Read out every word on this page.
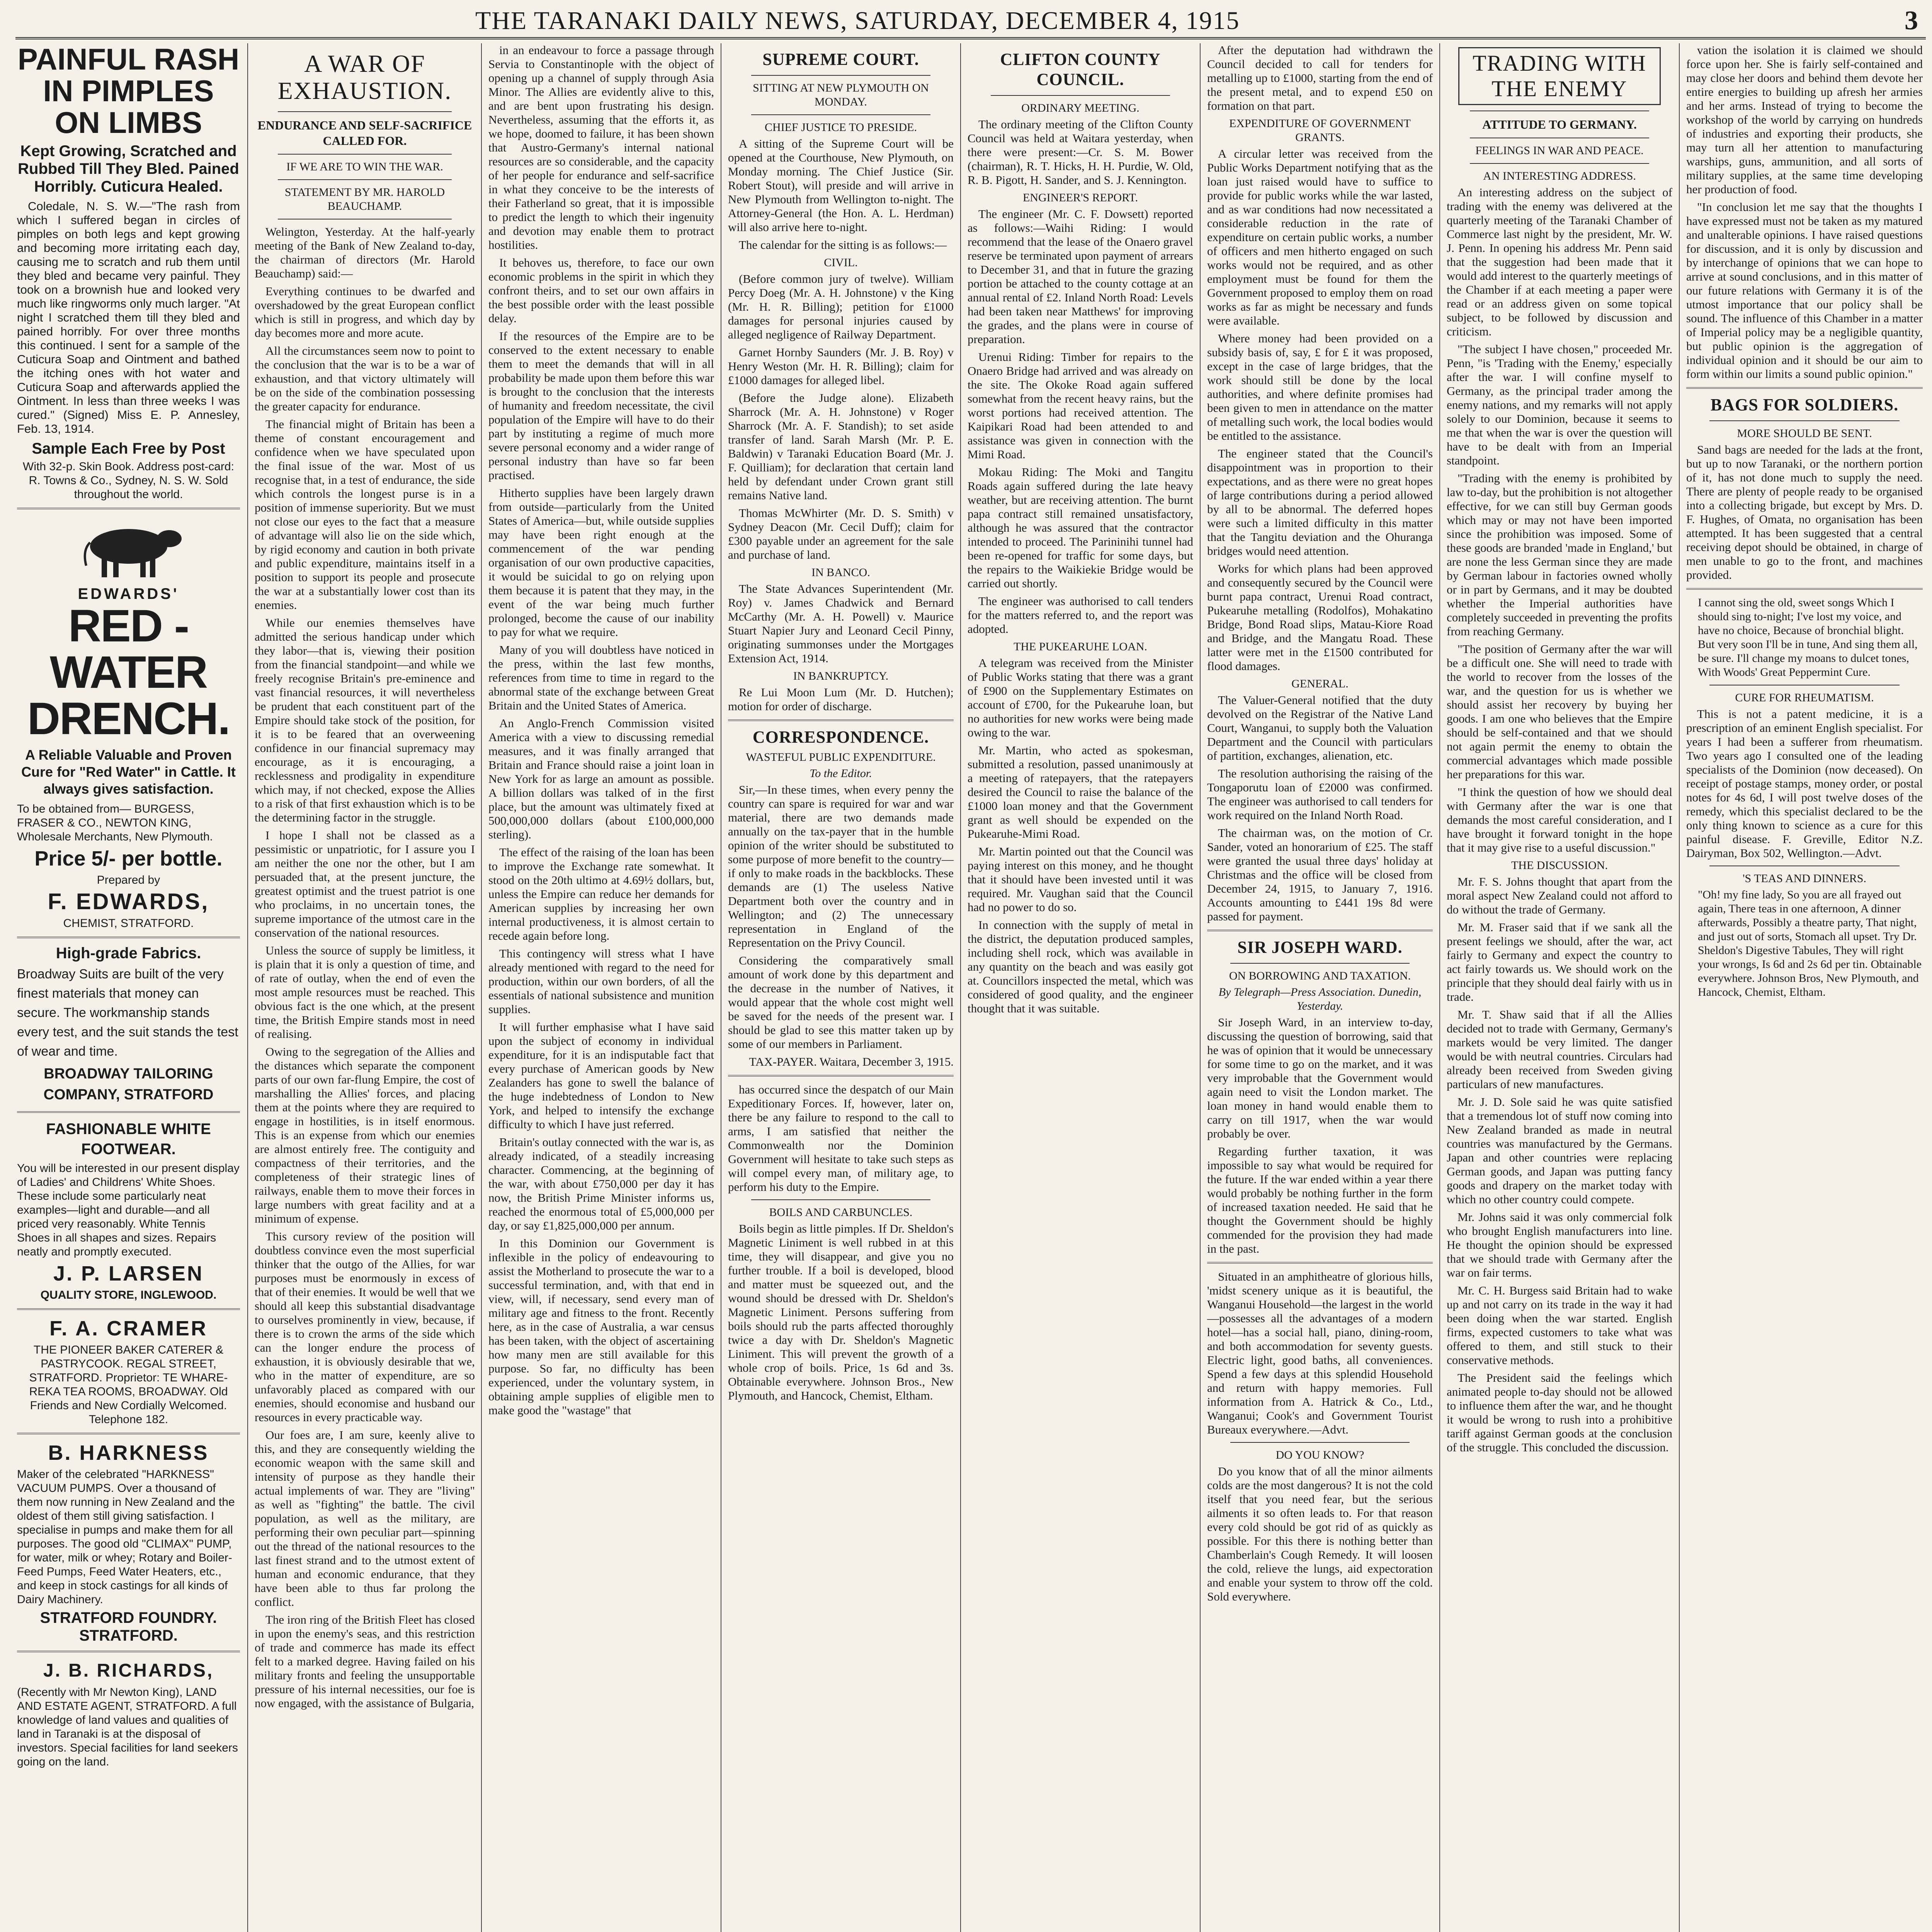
THE TARANAKI DAILY NEWS, SATURDAY, DECEMBER 4, 1915	3
PAINFUL RASH IN PIMPLES ON LIMBS
Kept Growing, Scratched and Rubbed Till They Bled. Pained Horribly. Cuticura Healed.

Coledale, N. S. W.—"The rash from which I suffered began in circles of pimples on both legs and kept growing and becoming more irritating each day, causing me to scratch and rub them until they bled and became very painful. They took on a brownish hue and looked very much like ringworms only much larger. "At night I scratched them till they bled and pained horribly. For over three months this continued. I sent for a sample of the Cuticura Soap and Ointment and bathed the itching ones with hot water and Cuticura Soap and afterwards applied the Ointment. In less than three weeks I was cured." (Signed) Miss E. P. Annesley, Feb. 13, 1914.

Sample Each Free by Post
With 32-p. Skin Book. Address post-card: R. Towns & Co., Sydney, N. S. W. Sold throughout the world.
EDWARDS'
RED - WATER
DRENCH.
A Reliable Valuable and Proven Cure for "Red Water" in Cattle. It always gives satisfaction.
To be obtained from— BURGESS, FRASER & CO., NEWTON KING, Wholesale Merchants, New Plymouth.
Price 5/- per bottle.
Prepared by
F. EDWARDS,
CHEMIST, STRATFORD.
High-grade Fabrics.
Broadway Suits are built of the very finest materials that money can secure. The workmanship stands every test, and the suit stands the test of wear and time.
BROADWAY TAILORING COMPANY, STRATFORD
FASHIONABLE WHITE FOOTWEAR.
You will be interested in our present display of Ladies' and Childrens' White Shoes. These include some particularly neat examples—light and durable—and all priced very reasonably. White Tennis Shoes in all shapes and sizes. Repairs neatly and promptly executed.
J. P. LARSEN
QUALITY STORE, INGLEWOOD.
F. A. CRAMER
THE PIONEER BAKER CATERER & PASTRYCOOK. REGAL STREET, STRATFORD. Proprietor: TE WHARE-REKA TEA ROOMS, BROADWAY. Old Friends and New Cordially Welcomed. Telephone 182.
B. HARKNESS
Maker of the celebrated "HARKNESS" VACUUM PUMPS. Over a thousand of them now running in New Zealand and the oldest of them still giving satisfaction. I specialise in pumps and make them for all purposes. The good old "CLIMAX" PUMP, for water, milk or whey; Rotary and Boiler-Feed Pumps, Feed Water Heaters, etc., and keep in stock castings for all kinds of Dairy Machinery.
STRATFORD FOUNDRY. STRATFORD.
J. B. RICHARDS,
(Recently with Mr Newton King), LAND AND ESTATE AGENT, STRATFORD. A full knowledge of land values and qualities of land in Taranaki is at the disposal of investors. Special facilities for land seekers going on the land.
A WAR OF EXHAUSTION.
ENDURANCE AND SELF-SACRIFICE CALLED FOR.
IF WE ARE TO WIN THE WAR.
STATEMENT BY MR. HAROLD BEAUCHAMP.

Welington, Yesterday. At the half-yearly meeting of the Bank of New Zealand to-day, the chairman of directors (Mr. Harold Beauchamp) said:—

Everything continues to be dwarfed and overshadowed by the great European conflict which is still in progress, and which day by day becomes more and more acute.

All the circumstances seem now to point to the conclusion that the war is to be a war of exhaustion, and that victory ultimately will be on the side of the combination possessing the greater capacity for endurance.

The financial might of Britain has been a theme of constant encouragement and confidence when we have speculated upon the final issue of the war. Most of us recognise that, in a test of endurance, the side which controls the longest purse is in a position of immense superiority. But we must not close our eyes to the fact that a measure of advantage will also lie on the side which, by rigid economy and caution in both private and public expenditure, maintains itself in a position to support its people and prosecute the war at a substantially lower cost than its enemies.

While our enemies themselves have admitted the serious handicap under which they labor—that is, viewing their position from the financial standpoint—and while we freely recognise Britain's pre-eminence and vast financial resources, it will nevertheless be prudent that each constituent part of the Empire should take stock of the position, for it is to be feared that an overweening confidence in our financial supremacy may encourage, as it is encouraging, a recklessness and prodigality in expenditure which may, if not checked, expose the Allies to a risk of that first exhaustion which is to be the determining factor in the struggle.

I hope I shall not be classed as a pessimistic or unpatriotic, for I assure you I am neither the one nor the other, but I am persuaded that, at the present juncture, the greatest optimist and the truest patriot is one who proclaims, in no uncertain tones, the supreme importance of the utmost care in the conservation of the national resources.

Unless the source of supply be limitless, it is plain that it is only a question of time, and of rate of outlay, when the end of even the most ample resources must be reached. This obvious fact is the one which, at the present time, the British Empire stands most in need of realising.

Owing to the segregation of the Allies and the distances which separate the component parts of our own far-flung Empire, the cost of marshalling the Allies' forces, and placing them at the points where they are required to engage in hostilities, is in itself enormous. This is an expense from which our enemies are almost entirely free. The contiguity and compactness of their territories, and the completeness of their strategic lines of railways, enable them to move their forces in large numbers with great facility and at a minimum of expense.

This cursory review of the position will doubtless convince even the most superficial thinker that the outgo of the Allies, for war purposes must be enormously in excess of that of their enemies. It would be well that we should all keep this substantial disadvantage to ourselves prominently in view, because, if there is to crown the arms of the side which can the longer endure the process of exhaustion, it is obviously desirable that we, who in the matter of expenditure, are so unfavorably placed as compared with our enemies, should economise and husband our resources in every practicable way.

Our foes are, I am sure, keenly alive to this, and they are consequently wielding the economic weapon with the same skill and intensity of purpose as they handle their actual implements of war. They are "living" as well as "fighting" the battle. The civil population, as well as the military, are performing their own peculiar part—spinning out the thread of the national resources to the last finest strand and to the utmost extent of human and economic endurance, that they have been able to thus far prolong the conflict.

The iron ring of the British Fleet has closed in upon the enemy's seas, and this restriction of trade and commerce has made its effect felt to a marked degree. Having failed on his military fronts and feeling the unsupportable pressure of his internal necessities, our foe is now engaged, with the assistance of Bulgaria,

in an endeavour to force a passage through Servia to Constantinople with the object of opening up a channel of supply through Asia Minor. The Allies are evidently alive to this, and are bent upon frustrating his design. Nevertheless, assuming that the efforts it, as we hope, doomed to failure, it has been shown that Austro-Germany's internal national resources are so considerable, and the capacity of her people for endurance and self-sacrifice in what they conceive to be the interests of their Fatherland so great, that it is impossible to predict the length to which their ingenuity and devotion may enable them to protract hostilities.

It behoves us, therefore, to face our own economic problems in the spirit in which they confront theirs, and to set our own affairs in the best possible order with the least possible delay.

If the resources of the Empire are to be conserved to the extent necessary to enable them to meet the demands that will in all probability be made upon them before this war is brought to the conclusion that the interests of humanity and freedom necessitate, the civil population of the Empire will have to do their part by instituting a regime of much more severe personal economy and a wider range of personal industry than have so far been practised.

Hitherto supplies have been largely drawn from outside—particularly from the United States of America—but, while outside supplies may have been right enough at the commencement of the war pending organisation of our own productive capacities, it would be suicidal to go on relying upon them because it is patent that they may, in the event of the war being much further prolonged, become the cause of our inability to pay for what we require.

Many of you will doubtless have noticed in the press, within the last few months, references from time to time in regard to the abnormal state of the exchange between Great Britain and the United States of America.

An Anglo-French Commission visited America with a view to discussing remedial measures, and it was finally arranged that Britain and France should raise a joint loan in New York for as large an amount as possible. A billion dollars was talked of in the first place, but the amount was ultimately fixed at 500,000,000 dollars (about £100,000,000 sterling).

The effect of the raising of the loan has been to improve the Exchange rate somewhat. It stood on the 20th ultimo at 4.69½ dollars, but, unless the Empire can reduce her demands for American supplies by increasing her own internal productiveness, it is almost certain to recede again before long.

This contingency will stress what I have already mentioned with regard to the need for production, within our own borders, of all the essentials of national subsistence and munition supplies.

It will further emphasise what I have said upon the subject of economy in individual expenditure, for it is an indisputable fact that every purchase of American goods by New Zealanders has gone to swell the balance of the huge indebtedness of London to New York, and helped to intensify the exchange difficulty to which I have just referred.

Britain's outlay connected with the war is, as already indicated, of a steadily increasing character. Commencing, at the beginning of the war, with about £750,000 per day it has now, the British Prime Minister informs us, reached the enormous total of £5,000,000 per day, or say £1,825,000,000 per annum.

In this Dominion our Government is inflexible in the policy of endeavouring to assist the Motherland to prosecute the war to a successful termination, and, with that end in view, will, if necessary, send every man of military age and fitness to the front. Recently here, as in the case of Australia, a war census has been taken, with the object of ascertaining how many men are still available for this purpose. So far, no difficulty has been experienced, under the voluntary system, in obtaining ample supplies of eligible men to make good the "wastage" that

SUPREME COURT.
SITTING AT NEW PLYMOUTH ON MONDAY.
CHIEF JUSTICE TO PRESIDE.

A sitting of the Supreme Court will be opened at the Courthouse, New Plymouth, on Monday morning. The Chief Justice (Sir. Robert Stout), will preside and will arrive in New Plymouth from Wellington to-night. The Attorney-General (the Hon. A. L. Herdman) will also arrive here to-night.

The calendar for the sitting is as follows:—

CIVIL.

(Before common jury of twelve). William Percy Doeg (Mr. A. H. Johnstone) v the King (Mr. H. R. Billing); petition for £1000 damages for personal injuries caused by alleged negligence of Railway Department.

Garnet Hornby Saunders (Mr. J. B. Roy) v Henry Weston (Mr. H. R. Billing); claim for £1000 damages for alleged libel.

(Before the Judge alone). Elizabeth Sharrock (Mr. A. H. Johnstone) v Roger Sharrock (Mr. A. F. Standish); to set aside transfer of land. Sarah Marsh (Mr. P. E. Baldwin) v Taranaki Education Board (Mr. J. F. Quilliam); for declaration that certain land held by defendant under Crown grant still remains Native land.

Thomas McWhirter (Mr. D. S. Smith) v Sydney Deacon (Mr. Cecil Duff); claim for £300 payable under an agreement for the sale and purchase of land.

IN BANCO.

The State Advances Superintendent (Mr. Roy) v. James Chadwick and Bernard McCarthy (Mr. A. H. Powell) v. Maurice Stuart Napier Jury and Leonard Cecil Pinny, originating summonses under the Mortgages Extension Act, 1914.

IN BANKRUPTCY.

Re Lui Moon Lum (Mr. D. Hutchen); motion for order of discharge.

CORRESPONDENCE.
WASTEFUL PUBLIC EXPENDITURE.
To the Editor.

Sir,—In these times, when every penny the country can spare is required for war and war material, there are two demands made annually on the tax-payer that in the humble opinion of the writer should be substituted to some purpose of more benefit to the country—if only to make roads in the backblocks. These demands are (1) The useless Native Department both over the country and in Wellington; and (2) The unnecessary representation in England of the Representation on the Privy Council.

Considering the comparatively small amount of work done by this department and the decrease in the number of Natives, it would appear that the whole cost might well be saved for the needs of the present war. I should be glad to see this matter taken up by some of our members in Parliament.

TAX-PAYER. Waitara, December 3, 1915.

has occurred since the despatch of our Main Expeditionary Forces. If, however, later on, there be any failure to respond to the call to arms, I am satisfied that neither the Commonwealth nor the Dominion Government will hesitate to take such steps as will compel every man, of military age, to perform his duty to the Empire.

BOILS AND CARBUNCLES.

Boils begin as little pimples. If Dr. Sheldon's Magnetic Liniment is well rubbed in at this time, they will disappear, and give you no further trouble. If a boil is developed, blood and matter must be squeezed out, and the wound should be dressed with Dr. Sheldon's Magnetic Liniment. Persons suffering from boils should rub the parts affected thoroughly twice a day with Dr. Sheldon's Magnetic Liniment. This will prevent the growth of a whole crop of boils. Price, 1s 6d and 3s. Obtainable everywhere. Johnson Bros., New Plymouth, and Hancock, Chemist, Eltham.

CLIFTON COUNTY COUNCIL.
ORDINARY MEETING.

The ordinary meeting of the Clifton County Council was held at Waitara yesterday, when there were present:—Cr. S. M. Bower (chairman), R. T. Hicks, H. H. Purdie, W. Old, R. B. Pigott, H. Sander, and S. J. Kennington.

ENGINEER'S REPORT.

The engineer (Mr. C. F. Dowsett) reported as follows:—Waihi Riding: I would recommend that the lease of the Onaero gravel reserve be terminated upon payment of arrears to December 31, and that in future the grazing portion be attached to the county cottage at an annual rental of £2. Inland North Road: Levels had been taken near Matthews' for improving the grades, and the plans were in course of preparation.

Urenui Riding: Timber for repairs to the Onaero Bridge had arrived and was already on the site. The Okoke Road again suffered somewhat from the recent heavy rains, but the worst portions had received attention. The Kaipikari Road had been attended to and assistance was given in connection with the Mimi Road.

Mokau Riding: The Moki and Tangitu Roads again suffered during the late heavy weather, but are receiving attention. The burnt papa contract still remained unsatisfactory, although he was assured that the contractor intended to proceed. The Parininihi tunnel had been re-opened for traffic for some days, but the repairs to the Waikiekie Bridge would be carried out shortly.

The engineer was authorised to call tenders for the matters referred to, and the report was adopted.

THE PUKEARUHE LOAN.

A telegram was received from the Minister of Public Works stating that there was a grant of £900 on the Supplementary Estimates on account of £700, for the Pukearuhe loan, but no authorities for new works were being made owing to the war.

Mr. Martin, who acted as spokesman, submitted a resolution, passed unanimously at a meeting of ratepayers, that the ratepayers desired the Council to raise the balance of the £1000 loan money and that the Government grant as well should be expended on the Pukearuhe-Mimi Road.

Mr. Martin pointed out that the Council was paying interest on this money, and he thought that it should have been invested until it was required. Mr. Vaughan said that the Council had no power to do so.

In connection with the supply of metal in the district, the deputation produced samples, including shell rock, which was available in any quantity on the beach and was easily got at. Councillors inspected the metal, which was considered of good quality, and the engineer thought that it was suitable.

After the deputation had withdrawn the Council decided to call for tenders for metalling up to £1000, starting from the end of the present metal, and to expend £50 on formation on that part.

EXPENDITURE OF GOVERNMENT GRANTS.

A circular letter was received from the Public Works Department notifying that as the loan just raised would have to suffice to provide for public works while the war lasted, and as war conditions had now necessitated a considerable reduction in the rate of expenditure on certain public works, a number of officers and men hitherto engaged on such works would not be required, and as other employment must be found for them the Government proposed to employ them on road works as far as might be necessary and funds were available.

Where money had been provided on a subsidy basis of, say, £ for £ it was proposed, except in the case of large bridges, that the work should still be done by the local authorities, and where definite promises had been given to men in attendance on the matter of metalling such work, the local bodies would be entitled to the assistance.

The engineer stated that the Council's disappointment was in proportion to their expectations, and as there were no great hopes of large contributions during a period allowed by all to be abnormal. The deferred hopes were such a limited difficulty in this matter that the Tangitu deviation and the Ohuranga bridges would need attention.

Works for which plans had been approved and consequently secured by the Council were burnt papa contract, Urenui Road contract, Pukearuhe metalling (Rodolfos), Mohakatino Bridge, Bond Road slips, Matau-Kiore Road and Bridge, and the Mangatu Road. These latter were met in the £1500 contributed for flood damages.

GENERAL.

The Valuer-General notified that the duty devolved on the Registrar of the Native Land Court, Wanganui, to supply both the Valuation Department and the Council with particulars of partition, exchanges, alienation, etc.

The resolution authorising the raising of the Tongaporutu loan of £2000 was confirmed. The engineer was authorised to call tenders for work required on the Inland North Road.

The chairman was, on the motion of Cr. Sander, voted an honorarium of £25. The staff were granted the usual three days' holiday at Christmas and the office will be closed from December 24, 1915, to January 7, 1916. Accounts amounting to £441 19s 8d were passed for payment.

SIR JOSEPH WARD.
ON BORROWING AND TAXATION.
By Telegraph—Press Association. Dunedin, Yesterday.

Sir Joseph Ward, in an interview to-day, discussing the question of borrowing, said that he was of opinion that it would be unnecessary for some time to go on the market, and it was very improbable that the Government would again need to visit the London market. The loan money in hand would enable them to carry on till 1917, when the war would probably be over.

Regarding further taxation, it was impossible to say what would be required for the future. If the war ended within a year there would probably be nothing further in the form of increased taxation needed. He said that he thought the Government should be highly commended for the provision they had made in the past.

Situated in an amphitheatre of glorious hills, 'midst scenery unique as it is beautiful, the Wanganui Household—the largest in the world—possesses all the advantages of a modern hotel—has a social hall, piano, dining-room, and both accommodation for seventy guests. Electric light, good baths, all conveniences. Spend a few days at this splendid Household and return with happy memories. Full information from A. Hatrick & Co., Ltd., Wanganui; Cook's and Government Tourist Bureaux everywhere.—Advt.

DO YOU KNOW?

Do you know that of all the minor ailments colds are the most dangerous? It is not the cold itself that you need fear, but the serious ailments it so often leads to. For that reason every cold should be got rid of as quickly as possible. For this there is nothing better than Chamberlain's Cough Remedy. It will loosen the cold, relieve the lungs, aid expectoration and enable your system to throw off the cold. Sold everywhere.

TRADING WITH THE ENEMY
ATTITUDE TO GERMANY.
FEELINGS IN WAR AND PEACE.
AN INTERESTING ADDRESS.

An interesting address on the subject of trading with the enemy was delivered at the quarterly meeting of the Taranaki Chamber of Commerce last night by the president, Mr. W. J. Penn. In opening his address Mr. Penn said that the suggestion had been made that it would add interest to the quarterly meetings of the Chamber if at each meeting a paper were read or an address given on some topical subject, to be followed by discussion and criticism.

"The subject I have chosen," proceeded Mr. Penn, "is 'Trading with the Enemy,' especially after the war. I will confine myself to Germany, as the principal trader among the enemy nations, and my remarks will not apply solely to our Dominion, because it seems to me that when the war is over the question will have to be dealt with from an Imperial standpoint.

"Trading with the enemy is prohibited by law to-day, but the prohibition is not altogether effective, for we can still buy German goods which may or may not have been imported since the prohibition was imposed. Some of these goods are branded 'made in England,' but are none the less German since they are made by German labour in factories owned wholly or in part by Germans, and it may be doubted whether the Imperial authorities have completely succeeded in preventing the profits from reaching Germany.

"The position of Germany after the war will be a difficult one. She will need to trade with the world to recover from the losses of the war, and the question for us is whether we should assist her recovery by buying her goods. I am one who believes that the Empire should be self-contained and that we should not again permit the enemy to obtain the commercial advantages which made possible her preparations for this war.

"I think the question of how we should deal with Germany after the war is one that demands the most careful consideration, and I have brought it forward tonight in the hope that it may give rise to a useful discussion."

THE DISCUSSION.

Mr. F. S. Johns thought that apart from the moral aspect New Zealand could not afford to do without the trade of Germany.

Mr. M. Fraser said that if we sank all the present feelings we should, after the war, act fairly to Germany and expect the country to act fairly towards us. We should work on the principle that they should deal fairly with us in trade.

Mr. T. Shaw said that if all the Allies decided not to trade with Germany, Germany's markets would be very limited. The danger would be with neutral countries. Circulars had already been received from Sweden giving particulars of new manufactures.

Mr. J. D. Sole said he was quite satisfied that a tremendous lot of stuff now coming into New Zealand branded as made in neutral countries was manufactured by the Germans. Japan and other countries were replacing German goods, and Japan was putting fancy goods and drapery on the market today with which no other country could compete.

Mr. Johns said it was only commercial folk who brought English manufacturers into line. He thought the opinion should be expressed that we should trade with Germany after the war on fair terms.

Mr. C. H. Burgess said Britain had to wake up and not carry on its trade in the way it had been doing when the war started. English firms, expected customers to take what was offered to them, and still stuck to their conservative methods.

The President said the feelings which animated people to-day should not be allowed to influence them after the war, and he thought it would be wrong to rush into a prohibitive tariff against German goods at the conclusion of the struggle. This concluded the discussion.

vation the isolation it is claimed we should force upon her. She is fairly self-contained and may close her doors and behind them devote her entire energies to building up afresh her armies and her arms. Instead of trying to become the workshop of the world by carrying on hundreds of industries and exporting their products, she may turn all her attention to manufacturing warships, guns, ammunition, and all sorts of military supplies, at the same time developing her production of food.

"In conclusion let me say that the thoughts I have expressed must not be taken as my matured and unalterable opinions. I have raised questions for discussion, and it is only by discussion and by interchange of opinions that we can hope to arrive at sound conclusions, and in this matter of our future relations with Germany it is of the utmost importance that our policy shall be sound. The influence of this Chamber in a matter of Imperial policy may be a negligible quantity, but public opinion is the aggregation of individual opinion and it should be our aim to form within our limits a sound public opinion."

BAGS FOR SOLDIERS.
MORE SHOULD BE SENT.

Sand bags are needed for the lads at the front, but up to now Taranaki, or the northern portion of it, has not done much to supply the need. There are plenty of people ready to be organised into a collecting brigade, but except by Mrs. D. F. Hughes, of Omata, no organisation has been attempted. It has been suggested that a central receiving depot should be obtained, in charge of men unable to go to the front, and machines provided.

I cannot sing the old, sweet songs Which I should sing to-night; I've lost my voice, and have no choice, Because of bronchial blight. But very soon I'll be in tune, And sing them all, be sure. I'll change my moans to dulcet tones, With Woods' Great Peppermint Cure.

CURE FOR RHEUMATISM.

This is not a patent medicine, it is a prescription of an eminent English specialist. For years I had been a sufferer from rheumatism. Two years ago I consulted one of the leading specialists of the Dominion (now deceased). On receipt of postage stamps, money order, or postal notes for 4s 6d, I will post twelve doses of the remedy, which this specialist declared to be the only thing known to science as a cure for this painful disease. F. Greville, Editor N.Z. Dairyman, Box 502, Wellington.—Advt.

'S TEAS AND DINNERS.

"Oh! my fine lady, So you are all frayed out again, There teas in one afternoon, A dinner afterwards, Possibly a theatre party, That night, and just out of sorts, Stomach all upset. Try Dr. Sheldon's Digestive Tabules, They will right your wrongs, Is 6d and 2s 6d per tin. Obtainable everywhere. Johnson Bros, New Plymouth, and Hancock, Chemist, Eltham.
